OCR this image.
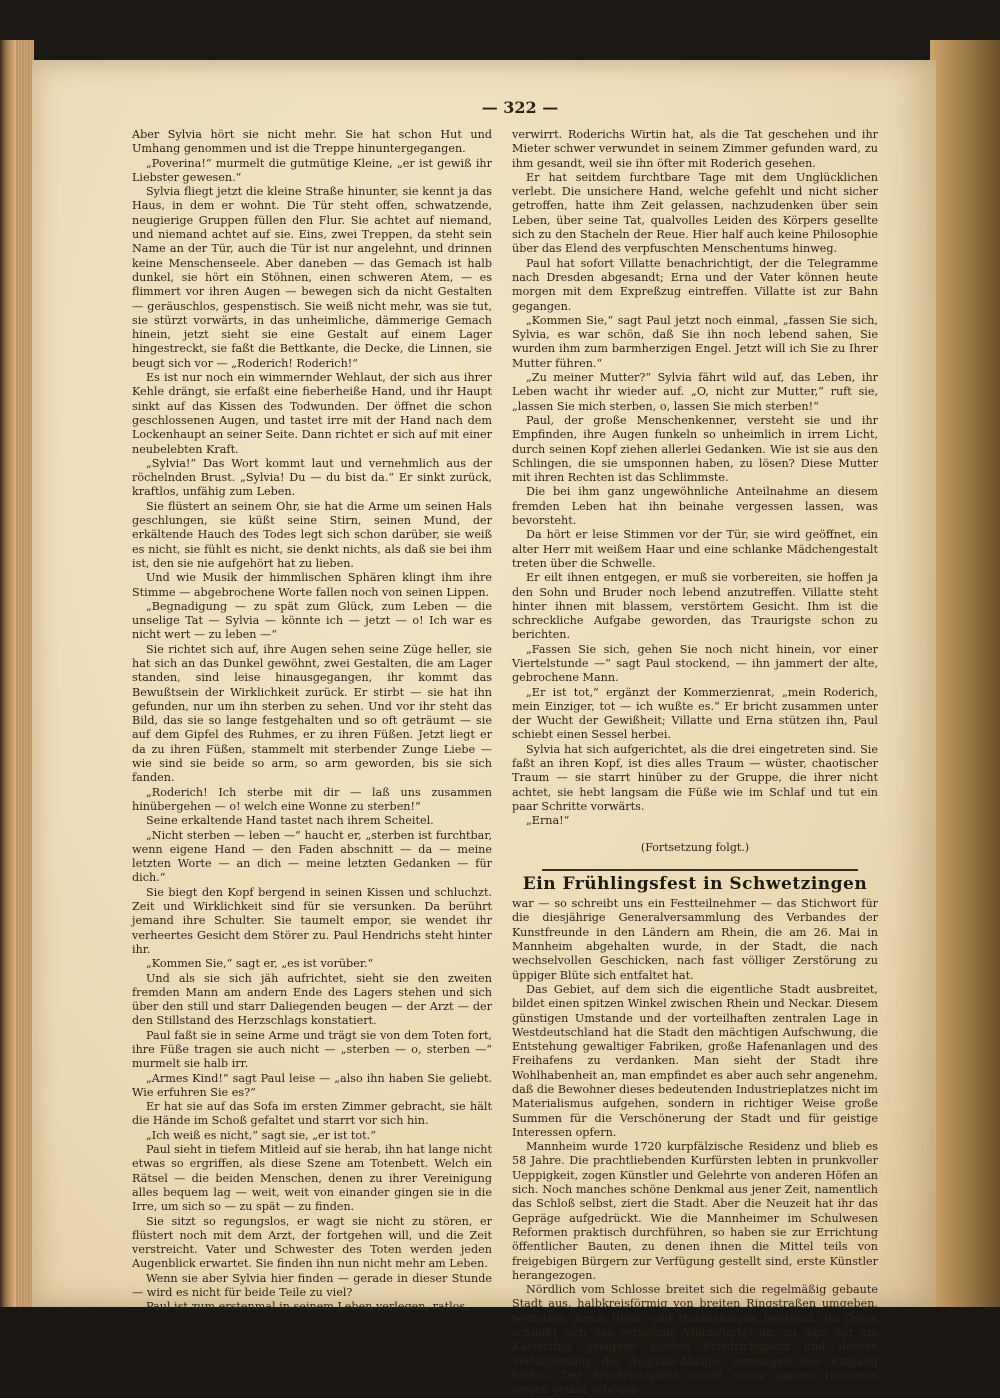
— 322 —

Aber Sylvia hört sie nicht mehr. Sie hat schon Hut und Umhang genommen und ist die Treppe hinuntergegangen.

„Poverina!“ murmelt die gutmütige Kleine, „er ist gewiß ihr Liebster gewesen.“

Sylvia fliegt jetzt die kleine Straße hinunter, sie kennt ja das Haus, in dem er wohnt. Die Tür steht offen, schwatzende, neugierige Gruppen füllen den Flur. Sie achtet auf niemand, und niemand achtet auf sie. Eins, zwei Treppen, da steht sein Name an der Tür, auch die Tür ist nur angelehnt, und drinnen keine Menschenseele. Aber daneben — das Gemach ist halb dunkel, sie hört ein Stöhnen, einen schweren Atem, — es flimmert vor ihren Augen — bewegen sich da nicht Gestalten — geräuschlos, gespenstisch. Sie weiß nicht mehr, was sie tut, sie stürzt vorwärts, in das unheimliche, dämmerige Gemach hinein, jetzt sieht sie eine Gestalt auf einem Lager hingestreckt, sie faßt die Bettkante, die Decke, die Linnen, sie beugt sich vor — „Roderich! Roderich!“

Es ist nur noch ein wimmernder Wehlaut, der sich aus ihrer Kehle drängt, sie erfaßt eine fieberheiße Hand, und ihr Haupt sinkt auf das Kissen des Todwunden. Der öffnet die schon geschlossenen Augen, und tastet irre mit der Hand nach dem Lockenhaupt an seiner Seite. Dann richtet er sich auf mit einer neubelebten Kraft.

„Sylvia!“ Das Wort kommt laut und vernehmlich aus der röchelnden Brust. „Sylvia! Du — du bist da.“ Er sinkt zurück, kraftlos, unfähig zum Leben.

Sie flüstert an seinem Ohr, sie hat die Arme um seinen Hals geschlungen, sie küßt seine Stirn, seinen Mund, der erkältende Hauch des Todes legt sich schon darüber, sie weiß es nicht, sie fühlt es nicht, sie denkt nichts, als daß sie bei ihm ist, den sie nie aufgehört hat zu lieben.

Und wie Musik der himmlischen Sphären klingt ihm ihre Stimme — abgebrochene Worte fallen noch von seinen Lippen.

„Begnadigung — zu spät zum Glück, zum Leben — die unselige Tat — Sylvia — könnte ich — jetzt — o! Ich war es nicht wert — zu leben —“

Sie richtet sich auf, ihre Augen sehen seine Züge heller, sie hat sich an das Dunkel gewöhnt, zwei Gestalten, die am Lager standen, sind leise hinausgegangen, ihr kommt das Bewußtsein der Wirklichkeit zurück. Er stirbt — sie hat ihn gefunden, nur um ihn sterben zu sehen. Und vor ihr steht das Bild, das sie so lange festgehalten und so oft geträumt — sie auf dem Gipfel des Ruhmes, er zu ihren Füßen. Jetzt liegt er da zu ihren Füßen, stammelt mit sterbender Zunge Liebe — wie sind sie beide so arm, so arm geworden, bis sie sich fanden.

„Roderich! Ich sterbe mit dir — laß uns zusammen hinübergehen — o! welch eine Wonne zu sterben!“

Seine erkaltende Hand tastet nach ihrem Scheitel.

„Nicht sterben — leben —“ haucht er, „sterben ist furchtbar, wenn eigene Hand — den Faden abschnitt — da — meine letzten Worte — an dich — meine letzten Gedanken — für dich.“

Sie biegt den Kopf bergend in seinen Kissen und schluchzt. Zeit und Wirklichkeit sind für sie versunken. Da berührt jemand ihre Schulter. Sie taumelt empor, sie wendet ihr verheertes Gesicht dem Störer zu. Paul Hendrichs steht hinter ihr.

„Kommen Sie,“ sagt er, „es ist vorüber.“

Und als sie sich jäh aufrichtet, sieht sie den zweiten fremden Mann am andern Ende des Lagers stehen und sich über den still und starr Daliegenden beugen — der Arzt — der den Stillstand des Herzschlags konstatiert.

Paul faßt sie in seine Arme und trägt sie von dem Toten fort, ihre Füße tragen sie auch nicht — „sterben — o, sterben —“ murmelt sie halb irr.

„Armes Kind!“ sagt Paul leise — „also ihn haben Sie geliebt. Wie erfuhren Sie es?“

Er hat sie auf das Sofa im ersten Zimmer gebracht, sie hält die Hände im Schoß gefaltet und starrt vor sich hin.

„Ich weiß es nicht,“ sagt sie, „er ist tot.“

Paul sieht in tiefem Mitleid auf sie herab, ihn hat lange nicht etwas so ergriffen, als diese Szene am Totenbett. Welch ein Rätsel — die beiden Menschen, denen zu ihrer Vereinigung alles bequem lag — weit, weit von einander gingen sie in die Irre, um sich so — zu spät — zu finden.

Sie sitzt so regungslos, er wagt sie nicht zu stören, er flüstert noch mit dem Arzt, der fortgehen will, und die Zeit verstreicht. Vater und Schwester des Toten werden jeden Augenblick erwartet. Sie finden ihn nun nicht mehr am Leben.

Wenn sie aber Sylvia hier finden — gerade in dieser Stunde — wird es nicht für beide Teile zu viel?

Paul ist zum erstenmal in seinem Leben verlegen, ratlos,

verwirrt. Roderichs Wirtin hat, als die Tat geschehen und ihr Mieter schwer verwundet in seinem Zimmer gefunden ward, zu ihm gesandt, weil sie ihn öfter mit Roderich gesehen.

Er hat seitdem furchtbare Tage mit dem Unglücklichen verlebt. Die unsichere Hand, welche gefehlt und nicht sicher getroffen, hatte ihm Zeit gelassen, nachzudenken über sein Leben, über seine Tat, qualvolles Leiden des Körpers gesellte sich zu den Stacheln der Reue. Hier half auch keine Philosophie über das Elend des verpfuschten Menschentums hinweg.

Paul hat sofort Villatte benachrichtigt, der die Telegramme nach Dresden abgesandt; Erna und der Vater können heute morgen mit dem Expreßzug eintreffen. Villatte ist zur Bahn gegangen.

„Kommen Sie,“ sagt Paul jetzt noch einmal, „fassen Sie sich, Sylvia, es war schön, daß Sie ihn noch lebend sahen, Sie wurden ihm zum barmherzigen Engel. Jetzt will ich Sie zu Ihrer Mutter führen.“

„Zu meiner Mutter?“ Sylvia fährt wild auf, das Leben, ihr Leben wacht ihr wieder auf. „O, nicht zur Mutter,“ ruft sie, „lassen Sie mich sterben, o, lassen Sie mich sterben!“

Paul, der große Menschenkenner, versteht sie und ihr Empfinden, ihre Augen funkeln so unheimlich in irrem Licht, durch seinen Kopf ziehen allerlei Gedanken. Wie ist sie aus den Schlingen, die sie umsponnen haben, zu lösen? Diese Mutter mit ihren Rechten ist das Schlimmste.

Die bei ihm ganz ungewöhnliche Anteilnahme an diesem fremden Leben hat ihn beinahe vergessen lassen, was bevorsteht.

Da hört er leise Stimmen vor der Tür, sie wird geöffnet, ein alter Herr mit weißem Haar und eine schlanke Mädchengestalt treten über die Schwelle.

Er eilt ihnen entgegen, er muß sie vorbereiten, sie hoffen ja den Sohn und Bruder noch lebend anzutreffen. Villatte steht hinter ihnen mit blassem, verstörtem Gesicht. Ihm ist die schreckliche Aufgabe geworden, das Traurigste schon zu berichten.

„Fassen Sie sich, gehen Sie noch nicht hinein, vor einer Viertelstunde —“ sagt Paul stockend, — ihn jammert der alte, gebrochene Mann.

„Er ist tot,“ ergänzt der Kommerzienrat, „mein Roderich, mein Einziger, tot — ich wußte es.“ Er bricht zusammen unter der Wucht der Gewißheit; Villatte und Erna stützen ihn, Paul schiebt einen Sessel herbei.

Sylvia hat sich aufgerichtet, als die drei eingetreten sind. Sie faßt an ihren Kopf, ist dies alles Traum — wüster, chaotischer Traum — sie starrt hinüber zu der Gruppe, die ihrer nicht achtet, sie hebt langsam die Füße wie im Schlaf und tut ein paar Schritte vorwärts.

„Erna!“

(Fortsetzung folgt.)
Ein Frühlingsfest in Schwetzingen

war — so schreibt uns ein Festteilnehmer — das Stichwort für die diesjährige Generalversammlung des Verbandes der Kunstfreunde in den Ländern am Rhein, die am 26. Mai in Mannheim abgehalten wurde, in der Stadt, die nach wechselvollen Geschicken, nach fast völliger Zerstörung zu üppiger Blüte sich entfaltet hat.

Das Gebiet, auf dem sich die eigentliche Stadt ausbreitet, bildet einen spitzen Winkel zwischen Rhein und Neckar. Diesem günstigen Umstande und der vorteilhaften zentralen Lage in Westdeutschland hat die Stadt den mächtigen Aufschwung, die Entstehung gewaltiger Fabriken, große Hafenanlagen und des Freihafens zu verdanken. Man sieht der Stadt ihre Wohlhabenheit an, man empfindet es aber auch sehr angenehm, daß die Bewohner dieses bedeutenden Industrieplatzes nicht im Materialismus aufgehen, sondern in richtiger Weise große Summen für die Verschönerung der Stadt und für geistige Interessen opfern.

Mannheim wurde 1720 kurpfälzische Residenz und blieb es 58 Jahre. Die prachtliebenden Kurfürsten lebten in prunkvoller Ueppigkeit, zogen Künstler und Gelehrte von anderen Höfen an sich. Noch manches schöne Denkmal aus jener Zeit, namentlich das Schloß selbst, ziert die Stadt. Aber die Neuzeit hat ihr das Gepräge aufgedrückt. Wie die Mannheimer im Schulwesen Reformen praktisch durchführen, so haben sie zur Errichtung öffentlicher Bauten, zu denen ihnen die Mittel teils von freigebigen Bürgern zur Verfügung gestellt sind, erste Künstler herangezogen.

Nördlich vom Schlosse breitet sich die regelmäßig gebaute Stadt aus, halbkreisförmig von breiten Ringstraßen umgeben, weiterhin durch Rhein und Hafenanlagen begrenzt. Im Osten schließt sich das vornehme Villenviertel an, zu dem der am Kaiserring gelegene schöne Friedrichsplatz und dessen Verlängerung, die Augusta-Anlage, sozusagen den Eingang bilden. Der Friedrichsplatz weckt unser ganzes Interesse wegen seiner schönen
